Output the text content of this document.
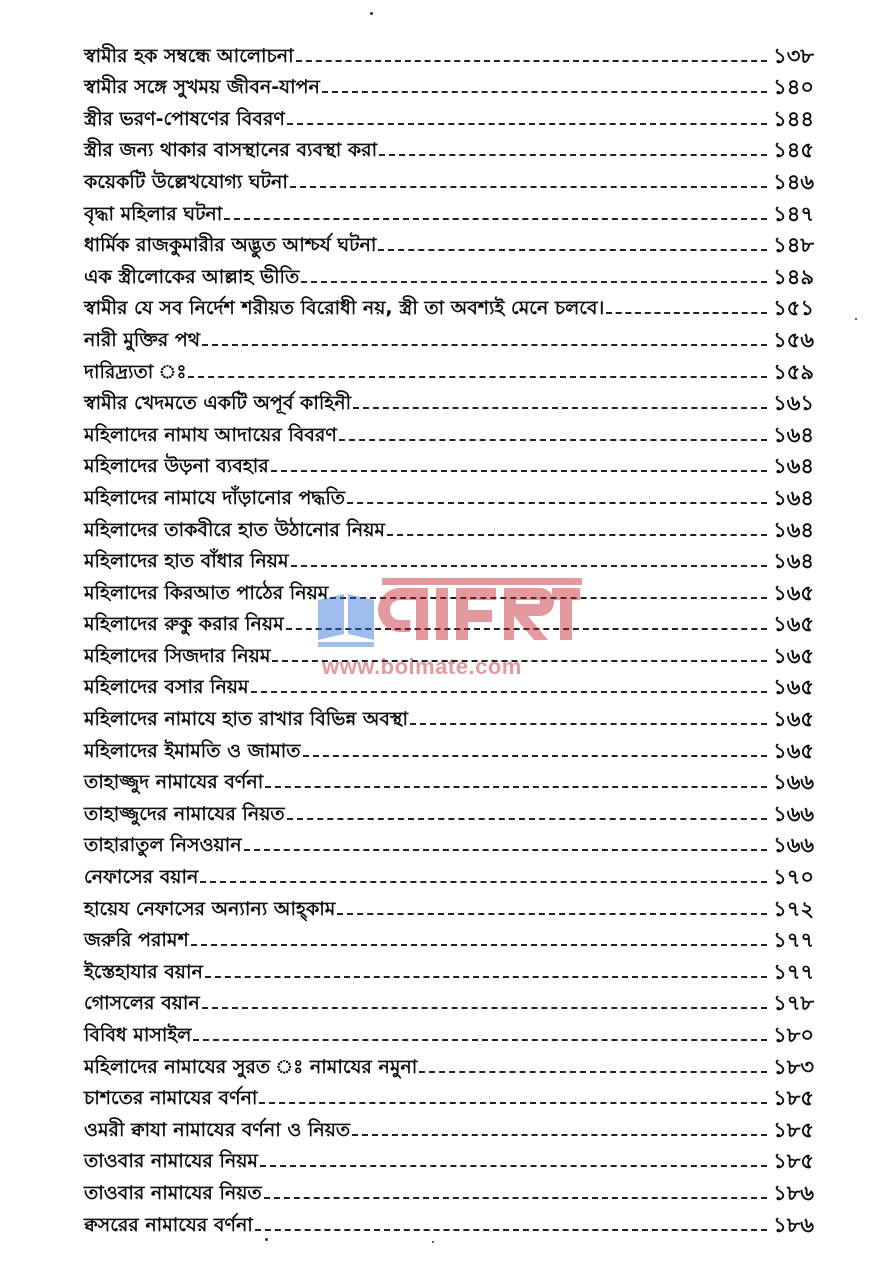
স্বামীর হক সম্বন্ধে আলোচনা	১৩৮
স্বামীর সঙ্গে সুখময় জীবন-যাপন	১৪০
স্ত্রীর ভরণ-পোষণের বিবরণ	১৪৪
স্ত্রীর জন্য থাকার বাসস্থানের ব্যবস্থা করা	১৪৫
কয়েকটি উল্লেখযোগ্য ঘটনা	১৪৬
বৃদ্ধা মহিলার ঘটনা	১৪৭
ধার্মিক রাজকুমারীর অদ্ভুত আশ্চর্য ঘটনা	১৪৮
এক স্ত্রীলোকের আল্লাহ ভীতি	১৪৯
স্বামীর যে সব নির্দেশ শরীয়ত বিরোধী নয়, স্ত্রী তা অবশ্যই মেনে চলবে।	১৫১
নারী মুক্তির পথ	১৫৬
দারিদ্র্যতা ঃ	১৫৯
স্বামীর খেদমতে একটি অপূর্ব কাহিনী	১৬১
মহিলাদের নামায আদায়ের বিবরণ	১৬৪
মহিলাদের উড়না ব্যবহার	১৬৪
মহিলাদের নামাযে দাঁড়ানোর পদ্ধতি	১৬৪
মহিলাদের তাকবীরে হাত উঠানোর নিয়ম	১৬৪
মহিলাদের হাত বাঁধার নিয়ম	১৬৪
মহিলাদের কিরআত পাঠের নিয়ম	১৬৫
মহিলাদের রুকু করার নিয়ম	১৬৫
মহিলাদের সিজদার নিয়ম	১৬৫
মহিলাদের বসার নিয়ম	১৬৫
মহিলাদের নামাযে হাত রাখার বিভিন্ন অবস্থা	১৬৫
মহিলাদের ইমামতি ও জামাত	১৬৫
তাহাজ্জুদ নামাযের বর্ণনা	১৬৬
তাহাজ্জুদের নামাযের নিয়ত	১৬৬
তাহারাতুল নিসওয়ান	১৬৬
নেফাসের বয়ান	১৭০
হায়েয নেফাসের অন্যান্য আহ্কাম	১৭২
জরুরি পরামশ	১৭৭
ইস্তেহাযার বয়ান	১৭৭
গোসলের বয়ান	১৭৮
বিবিধ মাসাইল	১৮০
মহিলাদের নামাযের সুরত ঃ নামাযের নমুনা	১৮৩
চাশতের নামাযের বর্ণনা	১৮৫
ওমরী ক্বাযা নামাযের বর্ণনা ও নিয়ত	১৮৫
তাওবার নামাযের নিয়ম	১৮৫
তাওবার নামাযের নিয়ত	১৮৬
ক্বসরের নামাযের বর্ণনা	১৮৬
www.boimate.com
